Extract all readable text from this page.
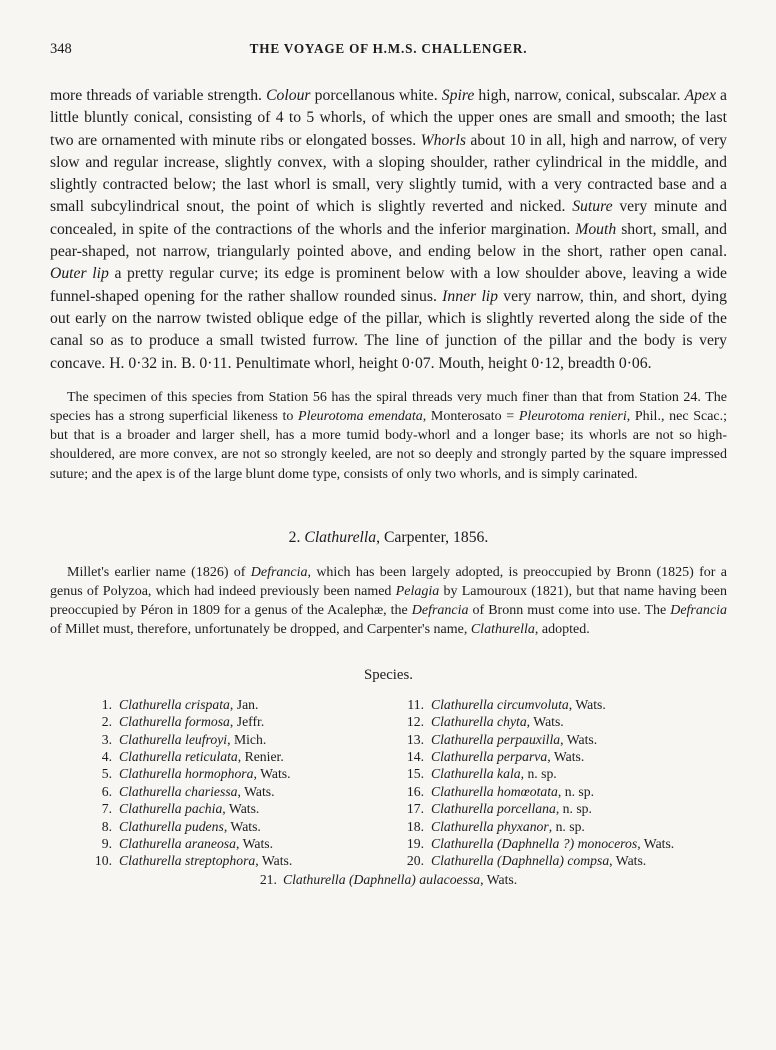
348	THE VOYAGE OF H.M.S. CHALLENGER.

more threads of variable strength. Colour porcellanous white. Spire high, narrow, conical, subscalar. Apex a little bluntly conical, consisting of 4 to 5 whorls, of which the upper ones are small and smooth; the last two are ornamented with minute ribs or elongated bosses. Whorls about 10 in all, high and narrow, of very slow and regular increase, slightly convex, with a sloping shoulder, rather cylindrical in the middle, and slightly contracted below; the last whorl is small, very slightly tumid, with a very contracted base and a small subcylindrical snout, the point of which is slightly reverted and nicked. Suture very minute and concealed, in spite of the contractions of the whorls and the inferior margination. Mouth short, small, and pear-shaped, not narrow, triangularly pointed above, and ending below in the short, rather open canal. Outer lip a pretty regular curve; its edge is prominent below with a low shoulder above, leaving a wide funnel-shaped opening for the rather shallow rounded sinus. Inner lip very narrow, thin, and short, dying out early on the narrow twisted oblique edge of the pillar, which is slightly reverted along the side of the canal so as to produce a small twisted furrow. The line of junction of the pillar and the body is very concave. H. 0·32 in. B. 0·11. Penultimate whorl, height 0·07. Mouth, height 0·12, breadth 0·06.

The specimen of this species from Station 56 has the spiral threads very much finer than that from Station 24. The species has a strong superficial likeness to Pleurotoma emendata, Monterosato = Pleurotoma renieri, Phil., nec Scac.; but that is a broader and larger shell, has a more tumid body-whorl and a longer base; its whorls are not so high-shouldered, are more convex, are not so strongly keeled, are not so deeply and strongly parted by the square impressed suture; and the apex is of the large blunt dome type, consists of only two whorls, and is simply carinated.

2. Clathurella, Carpenter, 1856.

Millet's earlier name (1826) of Defrancia, which has been largely adopted, is preoccupied by Bronn (1825) for a genus of Polyzoa, which had indeed previously been named Pelagia by Lamouroux (1821), but that name having been preoccupied by Péron in 1809 for a genus of the Acalephæ, the Defrancia of Bronn must come into use. The Defrancia of Millet must, therefore, unfortunately be dropped, and Carpenter's name, Clathurella, adopted.

Species.
1. Clathurella crispata, Jan.
2. Clathurella formosa, Jeffr.
3. Clathurella leufroyi, Mich.
4. Clathurella reticulata, Renier.
5. Clathurella hormophora, Wats.
6. Clathurella chariessa, Wats.
7. Clathurella pachia, Wats.
8. Clathurella pudens, Wats.
9. Clathurella araneosa, Wats.
10. Clathurella streptophora, Wats.
11. Clathurella circumvoluta, Wats.
12. Clathurella chyta, Wats.
13. Clathurella perpauxilla, Wats.
14. Clathurella perparva, Wats.
15. Clathurella kala, n. sp.
16. Clathurella homœotata, n. sp.
17. Clathurella porcellana, n. sp.
18. Clathurella phyxanor, n. sp.
19. Clathurella (Daphnella ?) monoceros, Wats.
20. Clathurella (Daphnella) compsa, Wats.
21. Clathurella (Daphnella) aulacoessa, Wats.
